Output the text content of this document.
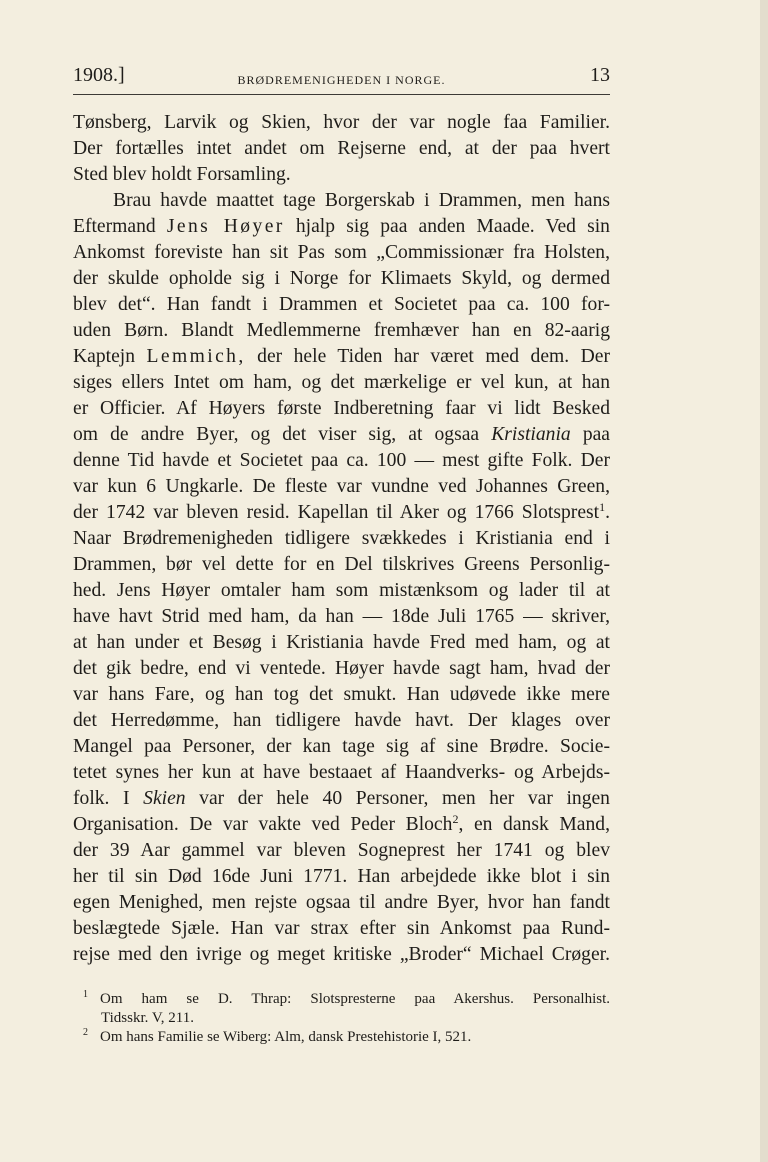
1908.]	BRØDREMENIGHEDEN I NORGE.	13
Tønsberg, Larvik og Skien, hvor der var nogle faa Familier.
Der fortælles intet andet om Rejserne end, at der paa hvert
Sted blev holdt Forsamling.
Brau havde maattet tage Borgerskab i Drammen, men hans
Eftermand Jens Høyer hjalp sig paa anden Maade. Ved sin
Ankomst foreviste han sit Pas som „Commissionær fra Holsten,
der skulde opholde sig i Norge for Klimaets Skyld, og dermed
blev det“. Han fandt i Drammen et Societet paa ca. 100 for-
uden Børn. Blandt Medlemmerne fremhæver han en 82-aarig
Kaptejn Lemmich, der hele Tiden har været med dem. Der
siges ellers Intet om ham, og det mærkelige er vel kun, at han
er Officier. Af Høyers første Indberetning faar vi lidt Besked
om de andre Byer, og det viser sig, at ogsaa Kristiania paa
denne Tid havde et Societet paa ca. 100 — mest gifte Folk. Der
var kun 6 Ungkarle. De fleste var vundne ved Johannes Green,
der 1742 var bleven resid. Kapellan til Aker og 1766 Slotsprest$^1$.
Naar Brødremenigheden tidligere svækkedes i Kristiania end i
Drammen, bør vel dette for en Del tilskrives Greens Personlig-
hed. Jens Høyer omtaler ham som mistænksom og lader til at
have havt Strid med ham, da han — 18de Juli 1765 — skriver,
at han under et Besøg i Kristiania havde Fred med ham, og at
det gik bedre, end vi ventede. Høyer havde sagt ham, hvad der
var hans Fare, og han tog det smukt. Han udøvede ikke mere
det Herredømme, han tidligere havde havt. Der klages over
Mangel paa Personer, der kan tage sig af sine Brødre. Socie-
tetet synes her kun at have bestaaet af Haandverks- og Arbejds-
folk. I Skien var der hele 40 Personer, men her var ingen
Organisation. De var vakte ved Peder Bloch$^2$, en dansk Mand,
der 39 Aar gammel var bleven Sogneprest her 1741 og blev
her til sin Død 16de Juni 1771. Han arbejdede ikke blot i sin
egen Menighed, men rejste ogsaa til andre Byer, hvor han fandt
beslægtede Sjæle. Han var strax efter sin Ankomst paa Rund-
rejse med den ivrige og meget kritiske „Broder“ Michael Crøger.
$^1$ Om ham se D. Thrap: Slotspresterne paa Akershus. Personalhist.
Tidsskr. V, 211.
$^2$ Om hans Familie se Wiberg: Alm, dansk Prestehistorie I, 521.
